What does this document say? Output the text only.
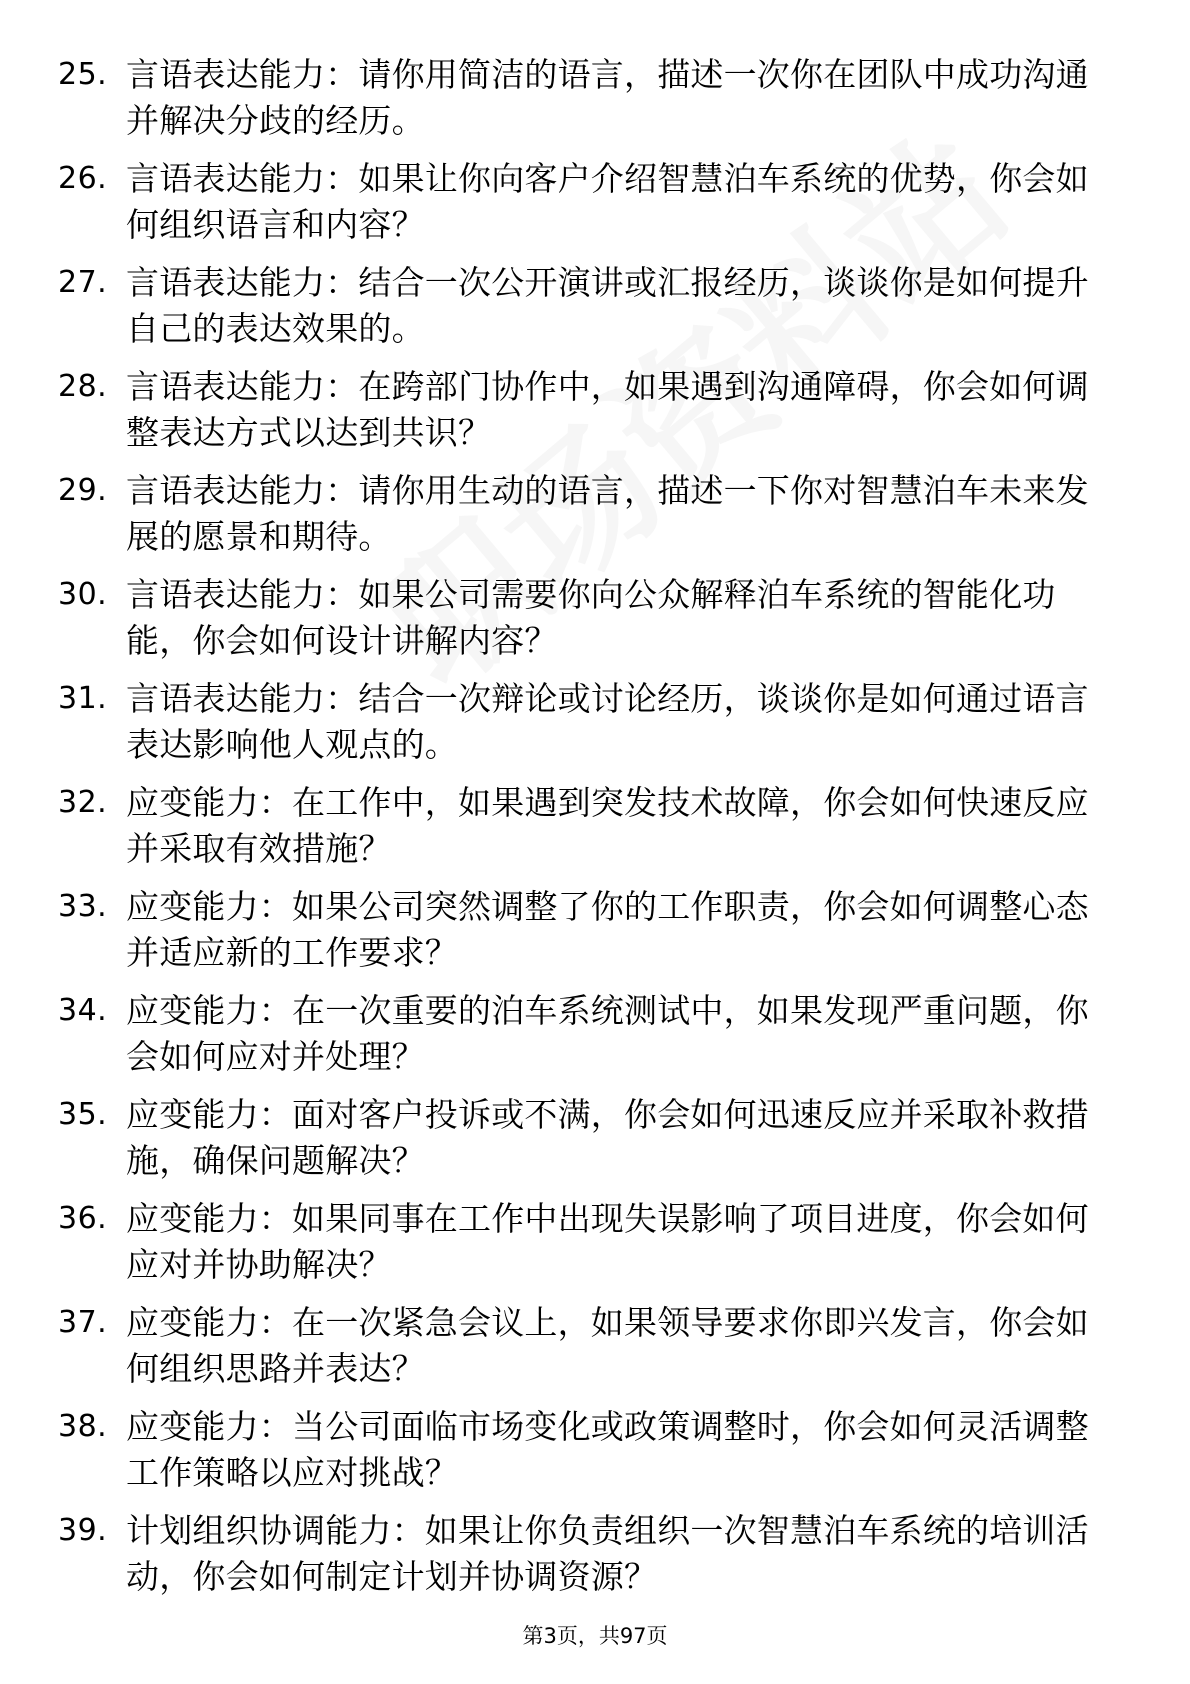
25. 言语表达能力：请你用简洁的语言，描述一次你在团队中成功沟通并解决分歧的经历。
26. 言语表达能力：如果让你向客户介绍智慧泊车系统的优势，你会如何组织语言和内容？
27. 言语表达能力：结合一次公开演讲或汇报经历，谈谈你是如何提升自己的表达效果的。
28. 言语表达能力：在跨部门协作中，如果遇到沟通障碍，你会如何调整表达方式以达到共识？
29. 言语表达能力：请你用生动的语言，描述一下你对智慧泊车未来发展的愿景和期待。
30. 言语表达能力：如果公司需要你向公众解释泊车系统的智能化功能，你会如何设计讲解内容？
31. 言语表达能力：结合一次辩论或讨论经历，谈谈你是如何通过语言表达影响他人观点的。
32. 应变能力：在工作中，如果遇到突发技术故障，你会如何快速反应并采取有效措施？
33. 应变能力：如果公司突然调整了你的工作职责，你会如何调整心态并适应新的工作要求？
34. 应变能力：在一次重要的泊车系统测试中，如果发现严重问题，你会如何应对并处理？
35. 应变能力：面对客户投诉或不满，你会如何迅速反应并采取补救措施，确保问题解决？
36. 应变能力：如果同事在工作中出现失误影响了项目进度，你会如何应对并协助解决？
37. 应变能力：在一次紧急会议上，如果领导要求你即兴发言，你会如何组织思路并表达？
38. 应变能力：当公司面临市场变化或政策调整时，你会如何灵活调整工作策略以应对挑战？
39. 计划组织协调能力：如果让你负责组织一次智慧泊车系统的培训活动，你会如何制定计划并协调资源？
第3页，共97页
